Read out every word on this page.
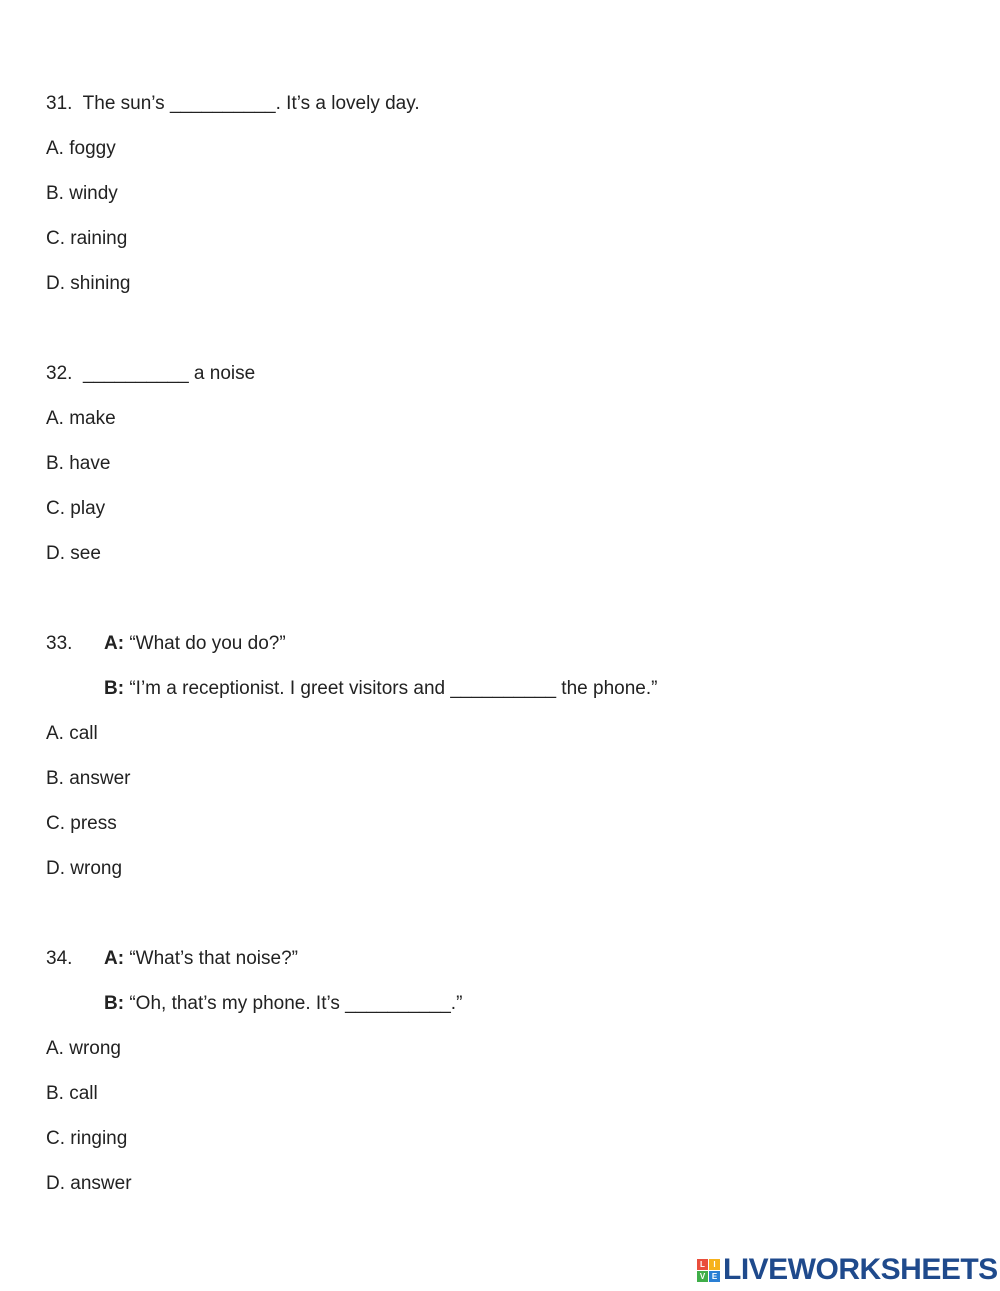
31. The sun’s __________. It’s a lovely day.
A. foggy
B. windy
C. raining
D. shining
32. __________ a noise
A. make
B. have
C. play
D. see
33. A: “What do you do?”
B: “I’m a receptionist. I greet visitors and __________ the phone.”
A. call
B. answer
C. press
D. wrong
34. A: “What’s that noise?”
B: “Oh, that’s my phone. It’s __________.”
A. wrong
B. call
C. ringing
D. answer
L	I
V E LIVEWORKSHEETS
